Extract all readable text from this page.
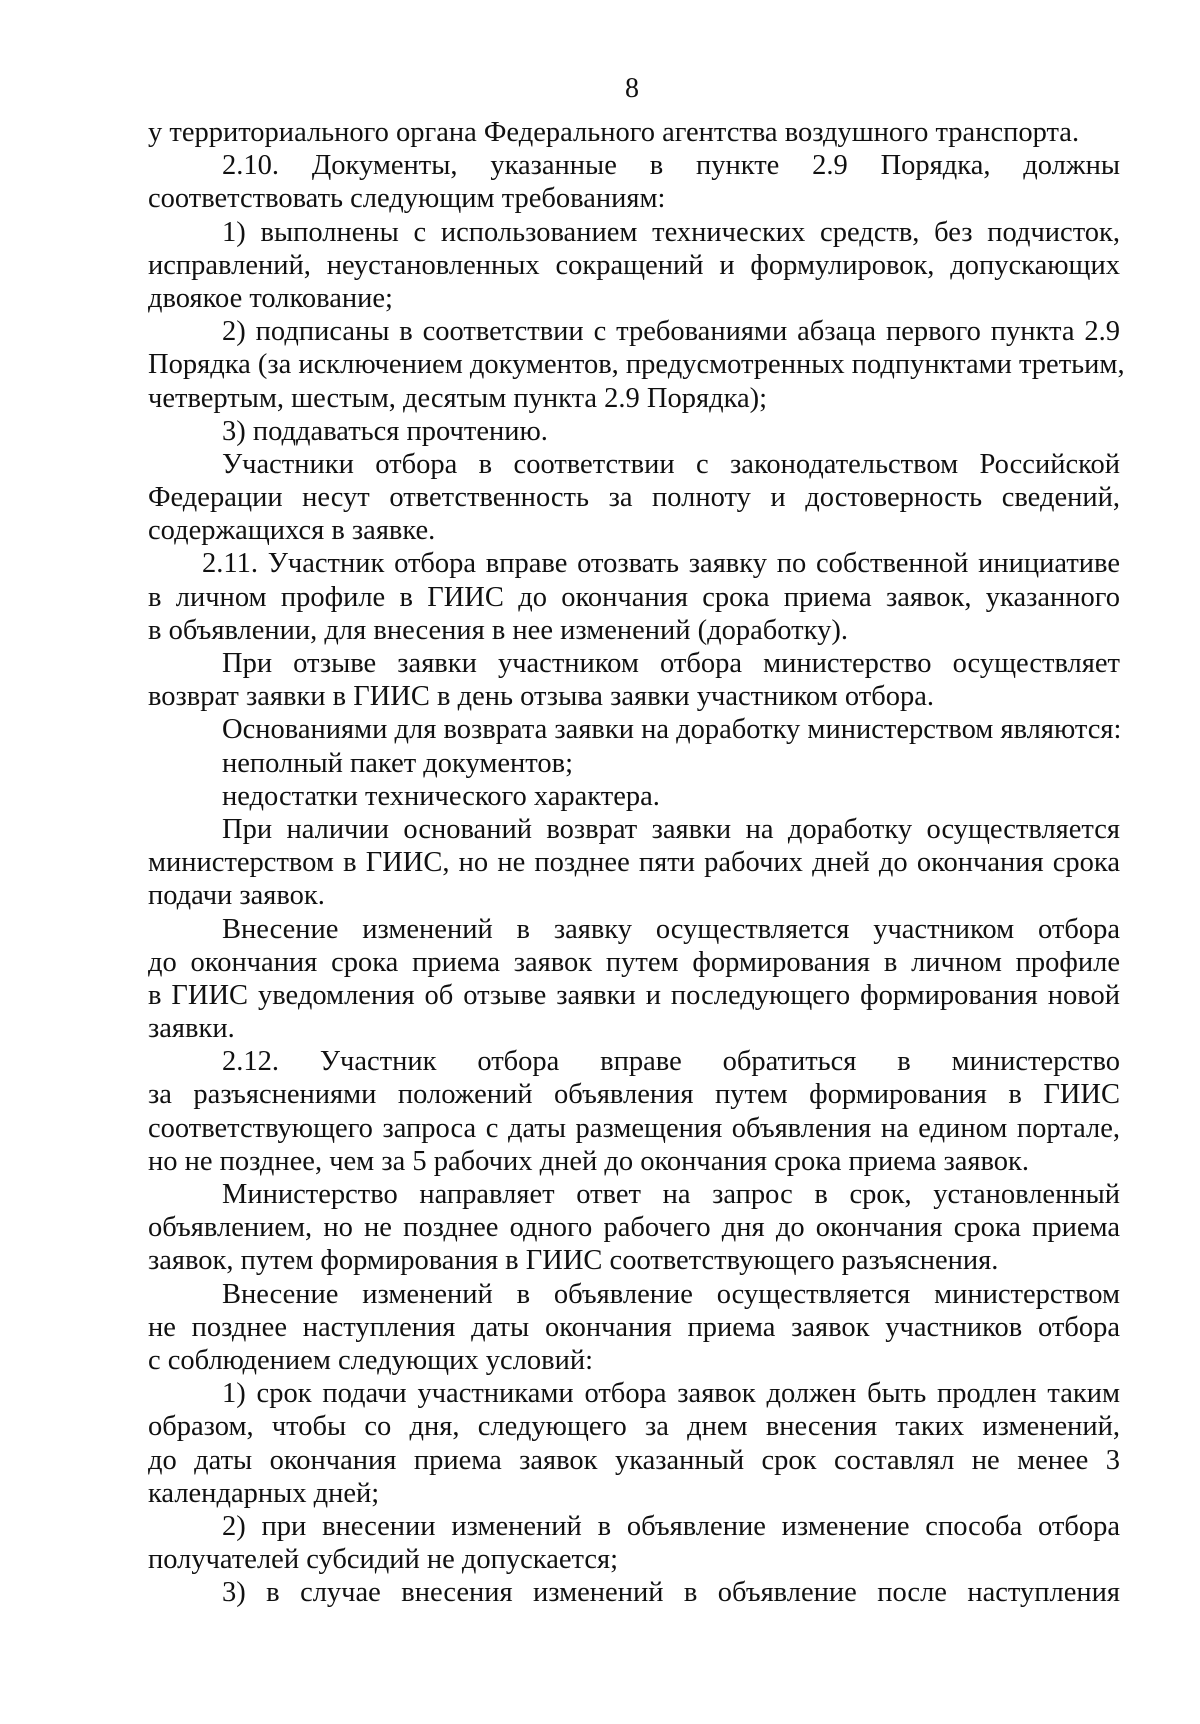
8
у территориального органа Федерального агентства воздушного транспорта.
2.10. Документы, указанные в пункте 2.9 Порядка, должны
соответствовать следующим требованиям:
1) выполнены с использованием технических средств, без подчисток,
исправлений, неустановленных сокращений и формулировок, допускающих
двоякое толкование;
2) подписаны в соответствии с требованиями абзаца первого пункта 2.9
Порядка (за исключением документов, предусмотренных подпунктами третьим,
четвертым, шестым, десятым пункта 2.9 Порядка);
3) поддаваться прочтению.
Участники отбора в соответствии с законодательством Российской
Федерации несут ответственность за полноту и достоверность сведений,
содержащихся в заявке.
2.11. Участник отбора вправе отозвать заявку по собственной инициативе
в личном профиле в ГИИС до окончания срока приема заявок, указанного
в объявлении, для внесения в нее изменений (доработку).
При отзыве заявки участником отбора министерство осуществляет
возврат заявки в ГИИС в день отзыва заявки участником отбора.
Основаниями для возврата заявки на доработку министерством являются:
неполный пакет документов;
недостатки технического характера.
При наличии оснований возврат заявки на доработку осуществляется
министерством в ГИИС, но не позднее пяти рабочих дней до окончания срока
подачи заявок.
Внесение изменений в заявку осуществляется участником отбора
до окончания срока приема заявок путем формирования в личном профиле
в ГИИС уведомления об отзыве заявки и последующего формирования новой
заявки.
2.12. Участник отбора вправе обратиться в министерство
за разъяснениями положений объявления путем формирования в ГИИС
соответствующего запроса с даты размещения объявления на едином портале,
но не позднее, чем за 5 рабочих дней до окончания срока приема заявок.
Министерство направляет ответ на запрос в срок, установленный
объявлением, но не позднее одного рабочего дня до окончания срока приема
заявок, путем формирования в ГИИС соответствующего разъяснения.
Внесение изменений в объявление осуществляется министерством
не позднее наступления даты окончания приема заявок участников отбора
с соблюдением следующих условий:
1) срок подачи участниками отбора заявок должен быть продлен таким
образом, чтобы со дня, следующего за днем внесения таких изменений,
до даты окончания приема заявок указанный срок составлял не менее 3
календарных дней;
2) при внесении изменений в объявление изменение способа отбора
получателей субсидий не допускается;
3) в случае внесения изменений в объявление после наступления
